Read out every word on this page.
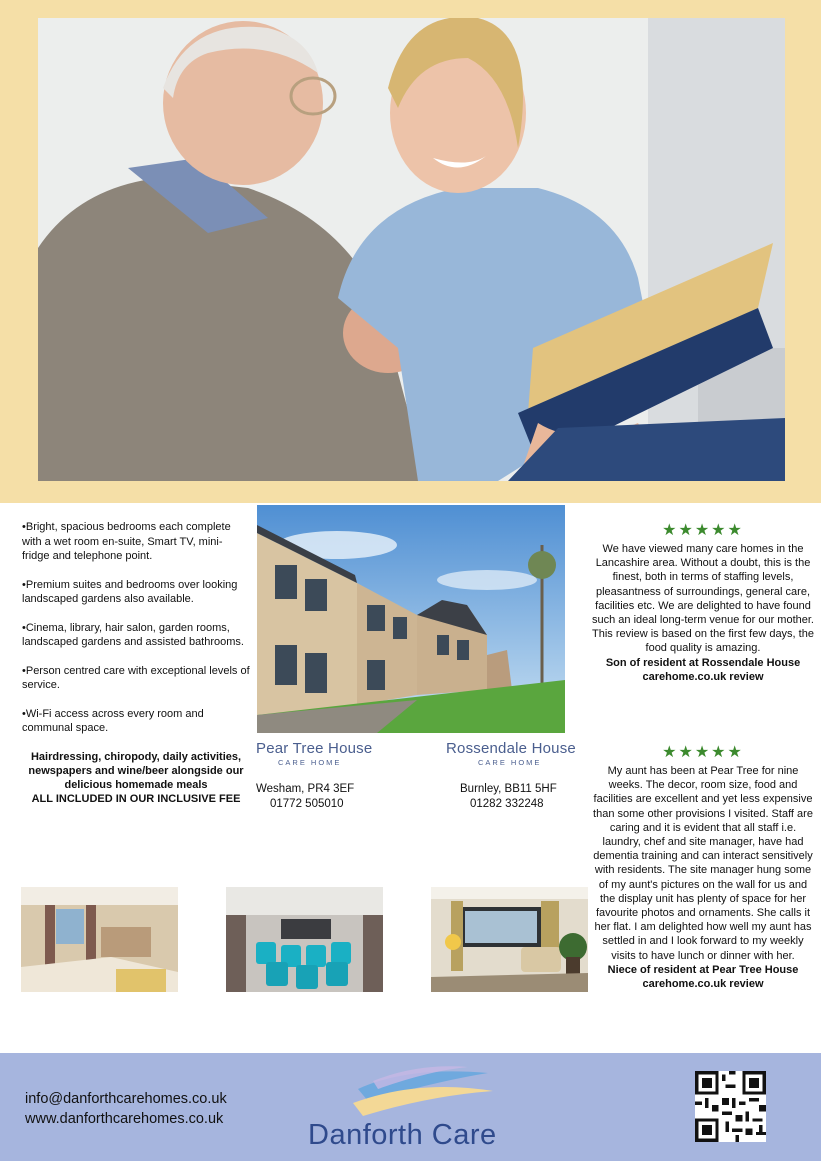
•Bright, spacious bedrooms each complete with a wet room en-suite, Smart TV, mini-fridge and telephone point.

•Premium suites and bedrooms over looking landscaped gardens also available.

•Cinema, library, hair salon, garden rooms, landscaped gardens and assisted bathrooms.

•Person centred care with exceptional levels of service.

•Wi-Fi access across every room and communal space.

Hairdressing, chiropody, daily activities, newspapers and wine/beer alongside our delicious homemade meals

ALL INCLUDED IN OUR INCLUSIVE FEE

Pear Tree House
CARE HOME
Wesham, PR4 3EF
01772 505010
Rossendale House
CARE HOME
Burnley, BB11 5HF
01282 332248
★★★★★

We have viewed many care homes in the Lancashire area. Without a doubt, this is the finest, both in terms of staffing levels, pleasantness of surroundings, general care, facilities etc. We are delighted to have found such an ideal long-term venue for our mother. This review is based on the first few days, the food quality is amazing.

Son of resident at Rossendale House carehome.co.uk review

★★★★★

My aunt has been at Pear Tree for nine weeks. The decor, room size, food and facilities are excellent and yet less expensive than some other provisions I visited. Staff are caring and it is evident that all staff i.e. laundry, chef and site manager, have had dementia training and can interact sensitively with residents. The site manager hung some of my aunt's pictures on the wall for us and the display unit has plenty of space for her favourite photos and ornaments. She calls it her flat. I am delighted how well my aunt has settled in and I look forward to my weekly visits to have lunch or dinner with her.

Niece of resident at Pear Tree House carehome.co.uk review

info@danforthcarehomes.co.uk
www.danforthcarehomes.co.uk	Danforth Care
